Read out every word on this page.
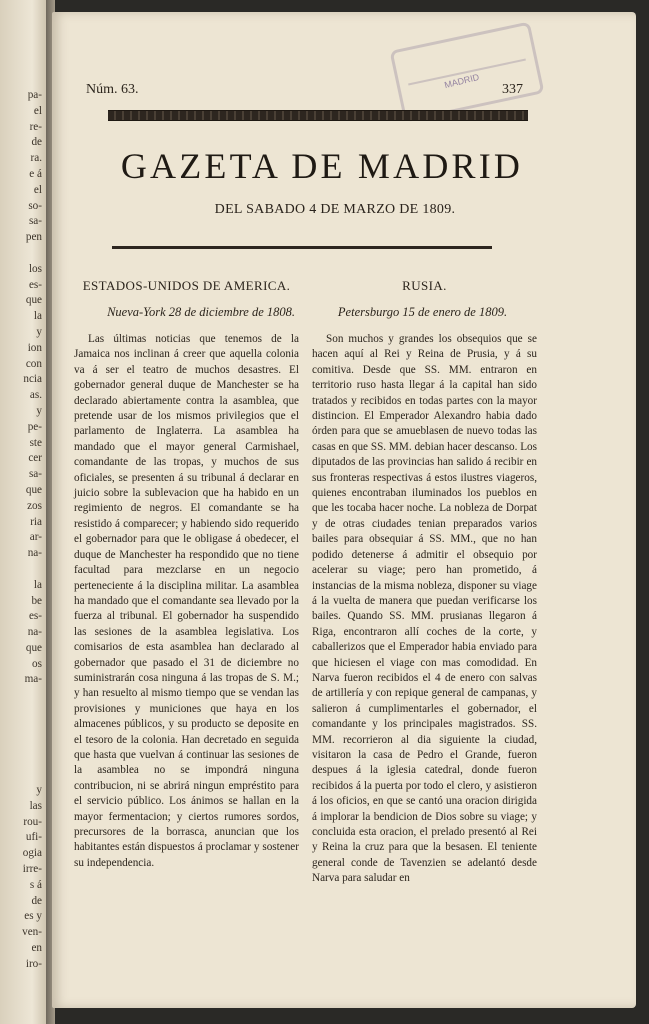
pa-
el
re-
de
ra.
e á
el
so-
sa-
pen
los
es-
que
la
y
ion
con
ncia
as.
y
pe-
ste
cer
sa-
que
zos
ria
ar-
na-
la
be
es-
na-
que
os
ma-
y
las
rou-
ufi-
ogia
irre-
s á
de
es y
ven-
en
iro-
MADRID
Núm. 63.	337
GAZETA DE MADRID
DEL SABADO 4 DE MARZO DE 1809.
ESTADOS-UNIDOS DE AMERICA.
Nueva-York 28 de diciembre de 1808.
Las últimas noticias que tenemos de la Jamaica nos inclinan á creer que aquella colonia va á ser el teatro de muchos desastres. El gobernador general duque de Manchester se ha declarado abiertamente contra la asamblea, que pretende usar de los mismos privilegios que el parlamento de Inglaterra. La asamblea ha mandado que el mayor general Carmishael, comandante de las tropas, y muchos de sus oficiales, se presenten á su tribunal á declarar en juicio sobre la sublevacion que ha habido en un regimiento de negros. El comandante se ha resistido á comparecer; y habiendo sido requerido el gobernador para que le obligase á obedecer, el duque de Manchester ha respondido que no tiene facultad para mezclarse en un negocio perteneciente á la disciplina militar. La asamblea ha mandado que el comandante sea llevado por la fuerza al tribunal. El gobernador ha suspendido las sesiones de la asamblea legislativa. Los comisarios de esta asamblea han declarado al gobernador que pasado el 31 de diciembre no suministrarán cosa ninguna á las tropas de S. M.; y han resuelto al mismo tiempo que se vendan las provisiones y municiones que haya en los almacenes públicos, y su producto se deposite en el tesoro de la colonia. Han decretado en seguida que hasta que vuelvan á continuar las sesiones de la asamblea no se impondrá ninguna contribucion, ni se abrirá ningun empréstito para el servicio público. Los ánimos se hallan en la mayor fermentacion; y ciertos rumores sordos, precursores de la borrasca, anuncian que los habitantes están dispuestos á proclamar y sostener su independencia.
RUSIA.
Petersburgo 15 de enero de 1809.
Son muchos y grandes los obsequios que se hacen aquí al Rei y Reina de Prusia, y á su comitiva. Desde que SS. MM. entraron en territorio ruso hasta llegar á la capital han sido tratados y recibidos en todas partes con la mayor distincion. El Emperador Alexandro habia dado órden para que se amueblasen de nuevo todas las casas en que SS. MM. debian hacer descanso. Los diputados de las provincias han salido á recibir en sus fronteras respectivas á estos ilustres viageros, quienes encontraban iluminados los pueblos en que les tocaba hacer noche. La nobleza de Dorpat y de otras ciudades tenian preparados varios bailes para obsequiar á SS. MM., que no han podido detenerse á admitir el obsequio por acelerar su viage; pero han prometido, á instancias de la misma nobleza, disponer su viage á la vuelta de manera que puedan verificarse los bailes. Quando SS. MM. prusianas llegaron á Riga, encontraron allí coches de la corte, y caballerizos que el Emperador habia enviado para que hiciesen el viage con mas comodidad. En Narva fueron recibidos el 4 de enero con salvas de artillería y con repique general de campanas, y salieron á cumplimentarles el gobernador, el comandante y los principales magistrados. SS. MM. recorrieron al dia siguiente la ciudad, visitaron la casa de Pedro el Grande, fueron despues á la iglesia catedral, donde fueron recibidos á la puerta por todo el clero, y asistieron á los oficios, en que se cantó una oracion dirigida á implorar la bendicion de Dios sobre su viage; y concluida esta oracion, el prelado presentó al Rei y Reina la cruz para que la besasen. El teniente general conde de Tavenzien se adelantó desde Narva para saludar en
